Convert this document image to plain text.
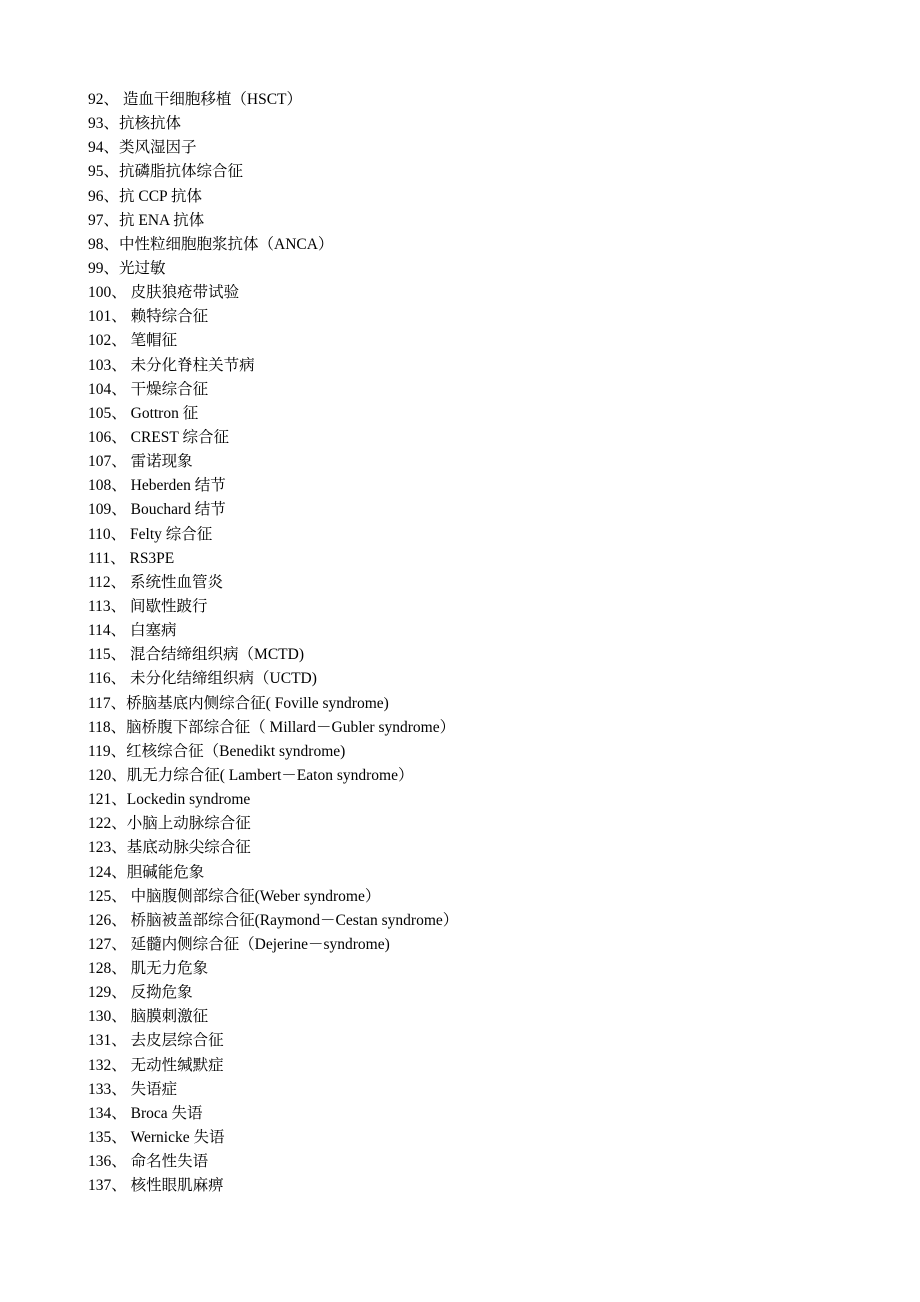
92、 造血干细胞移植（HSCT）
93、抗核抗体
94、类风湿因子
95、抗磷脂抗体综合征
96、抗 CCP 抗体
97、抗 ENA 抗体
98、中性粒细胞胞浆抗体（ANCA）
99、光过敏
100、 皮肤狼疮带试验
101、 赖特综合征
102、 笔帽征
103、 未分化脊柱关节病
104、 干燥综合征
105、 Gottron 征
106、 CREST 综合征
107、 雷诺现象
108、 Heberden 结节
109、 Bouchard 结节
110、 Felty 综合征
111、 RS3PE
112、 系统性血管炎
113、 间歇性跛行
114、 白塞病
115、 混合结缔组织病（MCTD)
116、 未分化结缔组织病（UCTD)
117、桥脑基底内侧综合征( Foville syndrome)
118、脑桥腹下部综合征（ Millard－Gubler syndrome）
119、红核综合征（Benedikt syndrome)
120、肌无力综合征( Lambert－Eaton syndrome）
121、Lockedin syndrome
122、小脑上动脉综合征
123、基底动脉尖综合征
124、胆碱能危象
125、 中脑腹侧部综合征(Weber syndrome）
126、 桥脑被盖部综合征(Raymond－Cestan syndrome）
127、 延髓内侧综合征（Dejerine－syndrome)
128、 肌无力危象
129、 反拗危象
130、 脑膜刺激征
131、 去皮层综合征
132、 无动性缄默症
133、 失语症
134、 Broca 失语
135、 Wernicke 失语
136、 命名性失语
137、 核性眼肌麻痹
